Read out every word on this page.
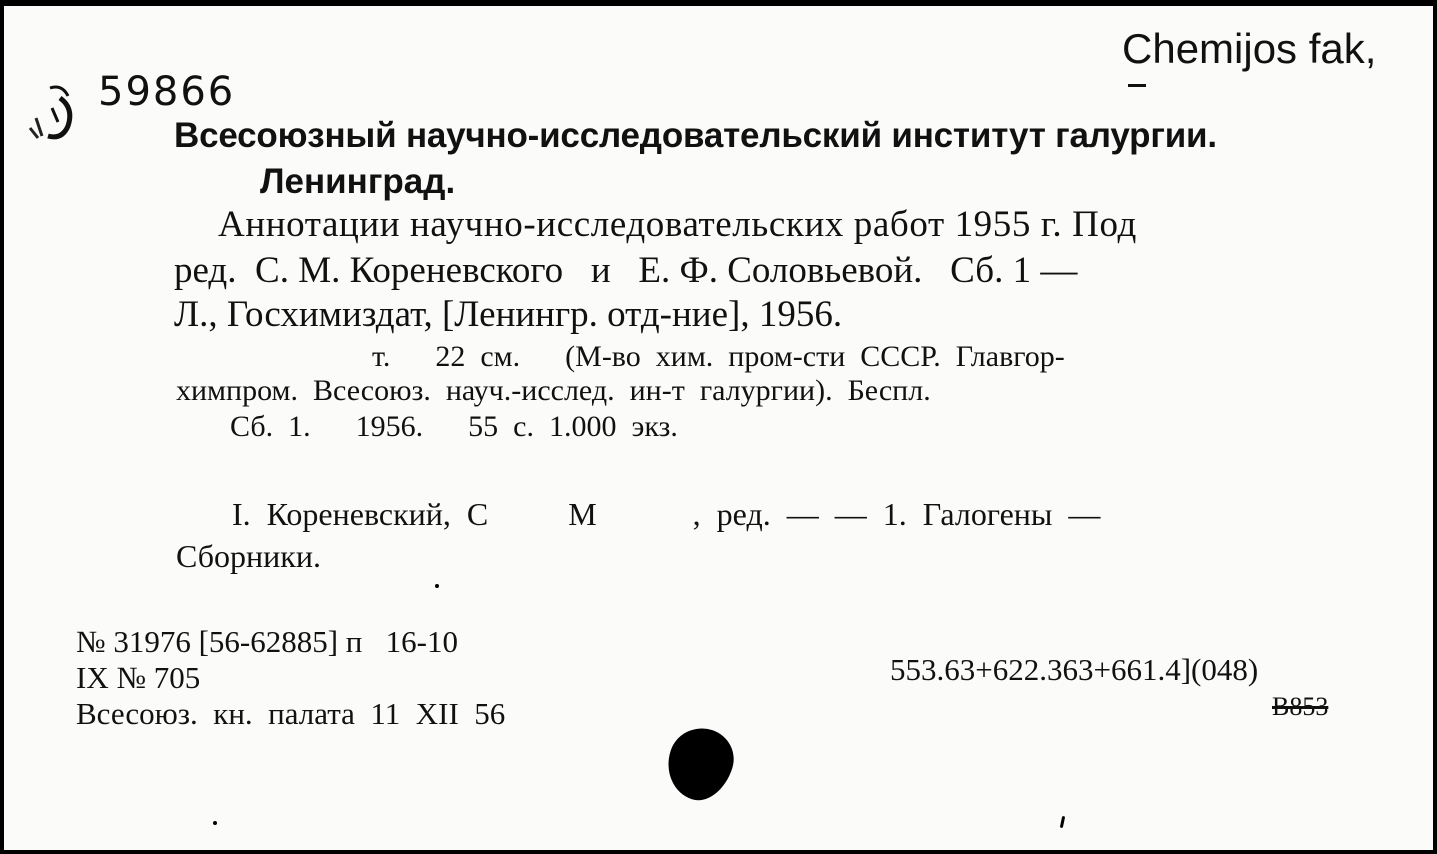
59866
Chemijos fak,
Всесоюзный научно-исследовательский институт галургии.
Ленинград.
Аннотации научно-исследовательских работ 1955 г. Под
ред.  С. М. Кореневского   и   Е. Ф. Соловьевой.   Сб. 1 —
Л., Госхимиздат, [Ленингр. отд-ние], 1956.
т.      22  см.      (М-во  хим.  пром-сти  СССР.  Главгор-
химпром.  Всесоюз.  науч.-исслед.  ин-т  галургии).  Беспл.
Сб.  1.      1956.      55  с.  1.000  экз.
I.  Кореневский,  С          М            ,  ред.  —  —  1.  Галогены  —
Сборники.
№ 31976 [56-62885] п   16-10
IX № 705
Всесоюз.  кн.  палата  11  XII  56
553.63+622.363+661.4](048)
B853
